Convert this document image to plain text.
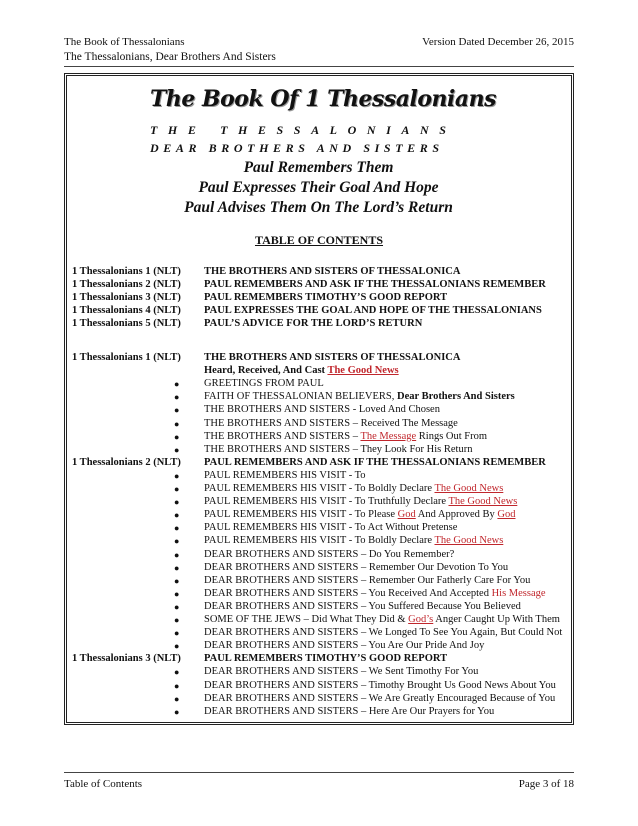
The Book of Thessalonians	Version Dated December 26, 2015
The Thessalonians, Dear Brothers And Sisters
The Book Of 1 Thessalonians
THE THESSALONIANS
DEAR BROTHERS AND SISTERS
Paul Remembers Them
Paul Expresses Their Goal And Hope
Paul Advises Them On The Lord’s Return
TABLE OF CONTENTS
1 Thessalonians 1 (NLT) THE BROTHERS AND SISTERS OF THESSALONICA
1 Thessalonians 2 (NLT) PAUL REMEMBERS AND ASK IF THE THESSALONIANS REMEMBER
1 Thessalonians 3 (NLT) PAUL REMEMBERS TIMOTHY’S GOOD REPORT
1 Thessalonians 4 (NLT) PAUL EXPRESSES THE GOAL AND HOPE OF THE THESSALONIANS
1 Thessalonians 5 (NLT) PAUL’S ADVICE FOR THE LORD’S RETURN
1 Thessalonians 1 (NLT) THE BROTHERS AND SISTERS OF THESSALONICA
Heard, Received, And Cast The Good News
● GREETINGS FROM PAUL
● FAITH OF THESSALONIAN BELIEVERS, Dear Brothers And Sisters
● THE BROTHERS AND SISTERS - Loved And Chosen
● THE BROTHERS AND SISTERS – Received The Message
● THE BROTHERS AND SISTERS – The Message Rings Out From
● THE BROTHERS AND SISTERS – They Look For His Return
1 Thessalonians 2 (NLT) PAUL REMEMBERS AND ASK IF THE THESSALONIANS REMEMBER
● PAUL REMEMBERS HIS VISIT - To
● PAUL REMEMBERS HIS VISIT - To Boldly Declare The Good News
● PAUL REMEMBERS HIS VISIT - To Truthfully Declare The Good News
● PAUL REMEMBERS HIS VISIT - To Please God And Approved By God
● PAUL REMEMBERS HIS VISIT - To Act Without Pretense
● PAUL REMEMBERS HIS VISIT - To Boldly Declare The Good News
● DEAR BROTHERS AND SISTERS – Do You Remember?
● DEAR BROTHERS AND SISTERS – Remember Our Devotion To You
● DEAR BROTHERS AND SISTERS – Remember Our Fatherly Care For You
● DEAR BROTHERS AND SISTERS – You Received And Accepted His Message
● DEAR BROTHERS AND SISTERS – You Suffered Because You Believed
● SOME OF THE JEWS – Did What They Did & God’s Anger Caught Up With Them
● DEAR BROTHERS AND SISTERS – We Longed To See You Again, But Could Not
● DEAR BROTHERS AND SISTERS – You Are Our Pride And Joy
1 Thessalonians 3 (NLT) PAUL REMEMBERS TIMOTHY’S GOOD REPORT
● DEAR BROTHERS AND SISTERS – We Sent Timothy For You
● DEAR BROTHERS AND SISTERS – Timothy Brought Us Good News About You
● DEAR BROTHERS AND SISTERS – We Are Greatly Encouraged Because of You
● DEAR BROTHERS AND SISTERS – Here Are Our Prayers for You
Table of Contents	Page 3 of 18
